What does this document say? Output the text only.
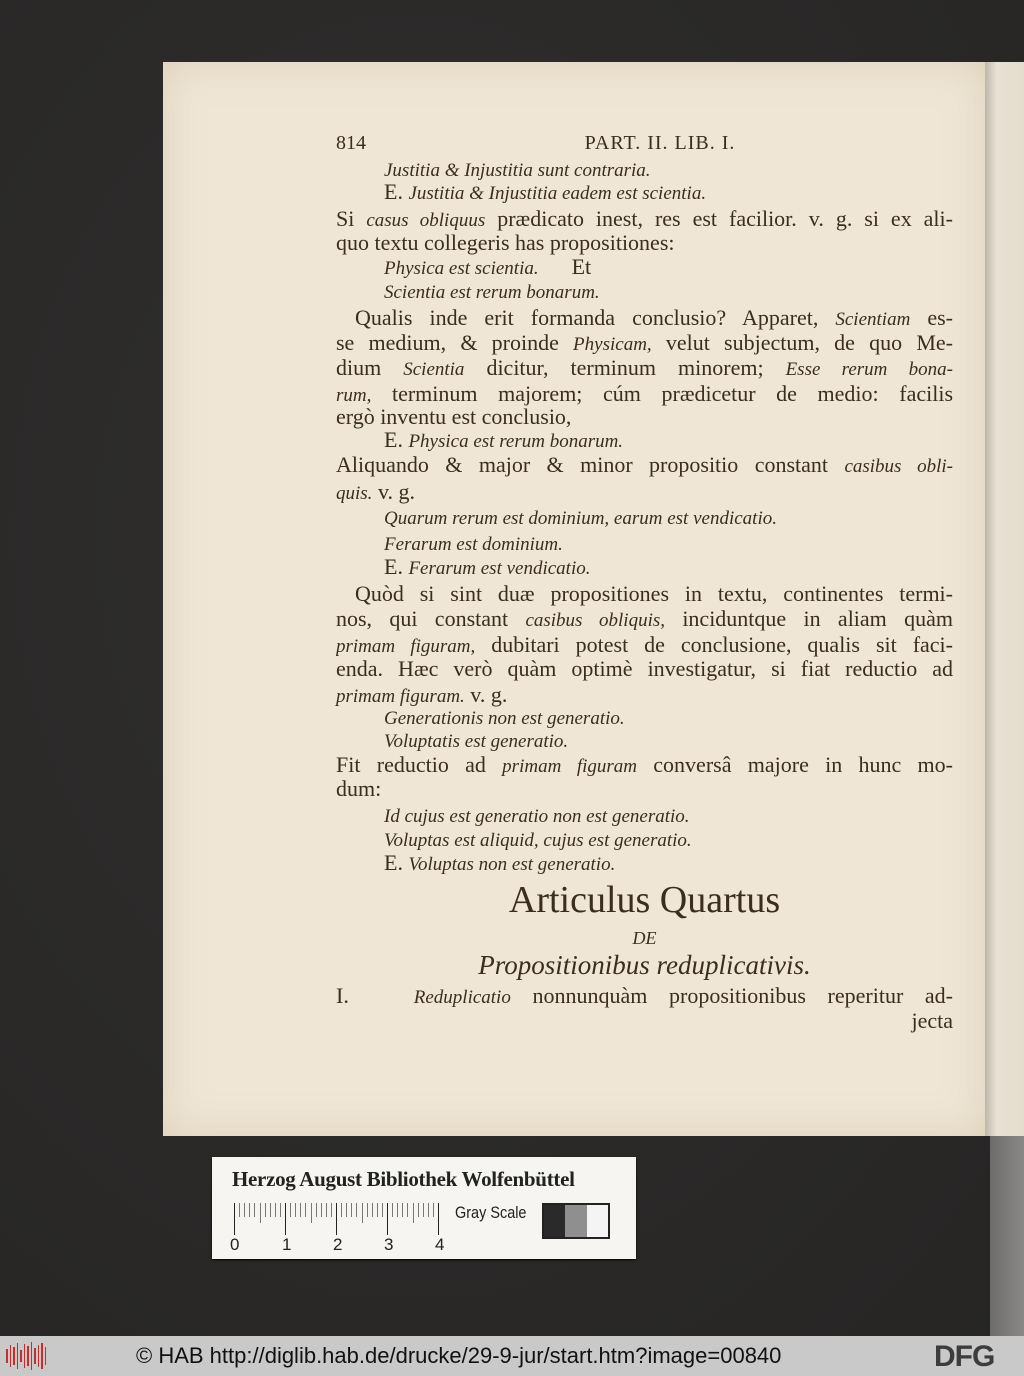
814	PART. II. LIB. I.
Justitia & Injustitia sunt contraria.
E. Justitia & Injustitia eadem est scientia.
Si casus obliquus prædicato inest, res est facilior. v. g. si ex ali-
quo textu collegeris has propositiones:
Physica est scientia.      Et
Scientia est rerum bonarum.
Qualis inde erit formanda conclusio? Apparet, Scientiam es-
se medium, & proinde Physicam, velut subjectum, de quo Me-
dium Scientia dicitur, terminum minorem; Esse rerum bona-
rum, terminum majorem; cúm prædicetur de medio: facilis
ergò inventu est conclusio,
E. Physica est rerum bonarum.
Aliquando & major & minor propositio constant casibus obli-
quis. v. g.
Quarum rerum est dominium, earum est vendicatio.
Ferarum est dominium.
E. Ferarum est vendicatio.
Quòd si sint duæ propositiones in textu, continentes termi-
nos, qui constant casibus obliquis, inciduntque in aliam quàm
primam figuram, dubitari potest de conclusione, qualis sit faci-
enda. Hæc verò quàm optimè investigatur, si fiat reductio ad
primam figuram. v. g.
Generationis non est generatio.
Voluptatis est generatio.
Fit reductio ad primam figuram conversâ majore in hunc mo-
dum:
Id cujus est generatio non est generatio.
Voluptas est aliquid, cujus est generatio.
E. Voluptas non est generatio.
I.   Reduplicatio nonnunquàm propositionibus reperitur ad-
jecta
Articulus Quartus
DE
Propositionibus reduplicativis.
Herzog August Bibliothek Wolfenbüttel
0	1 2 3 4
Gray Scale
© HAB http://diglib.hab.de/drucke/29-9-jur/start.htm?image=00840	DFG
